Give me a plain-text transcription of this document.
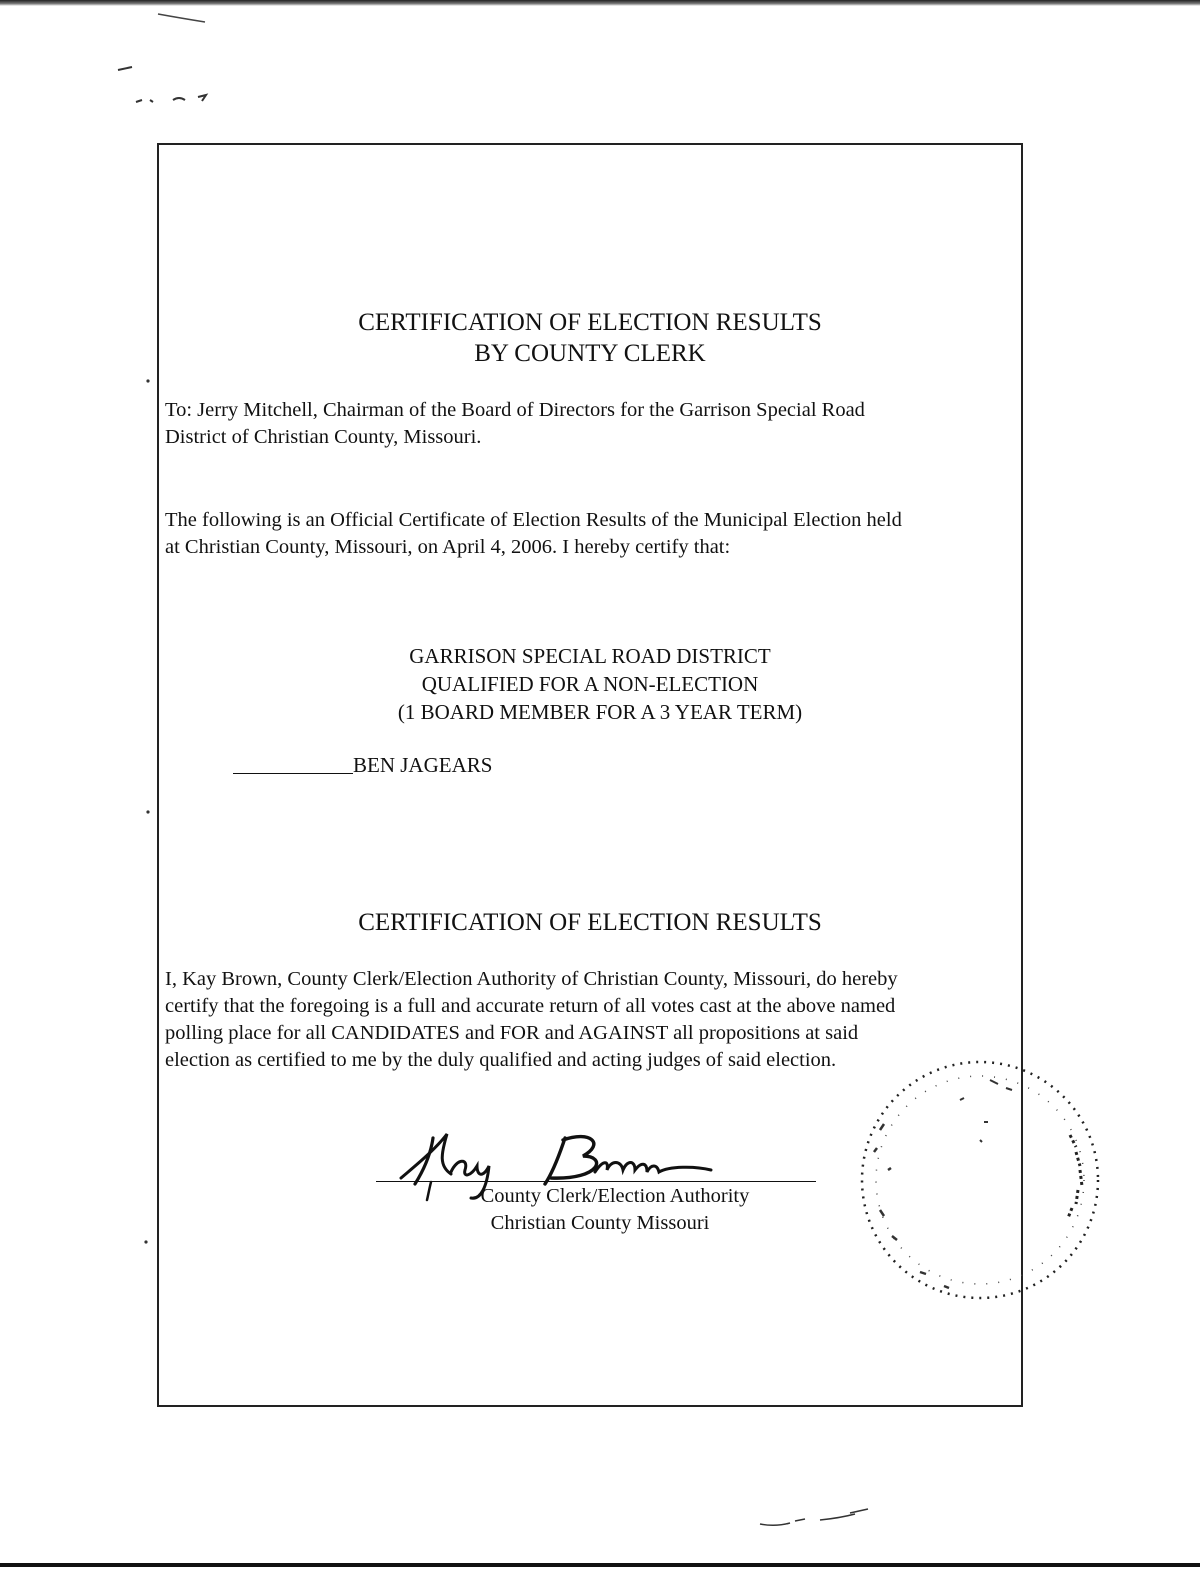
CERTIFICATION OF ELECTION RESULTS
BY COUNTY CLERK
To: Jerry Mitchell, Chairman of the Board of Directors for the Garrison Special Road
District of Christian County, Missouri.
The following is an Official Certificate of Election Results of the Municipal Election held
at Christian County, Missouri, on April 4, 2006. I hereby certify that:
GARRISON SPECIAL ROAD DISTRICT
QUALIFIED FOR A NON-ELECTION
(1 BOARD MEMBER FOR A 3 YEAR TERM)
BEN JAGEARS
CERTIFICATION OF ELECTION RESULTS
I, Kay Brown, County Clerk/Election Authority of Christian County, Missouri, do hereby
certify that the foregoing is a full and accurate return of all votes cast at the above named
polling place for all CANDIDATES and FOR and AGAINST all propositions at said
election as certified to me by the duly qualified and acting judges of said election.
County Clerk/Election Authority
Christian County Missouri
